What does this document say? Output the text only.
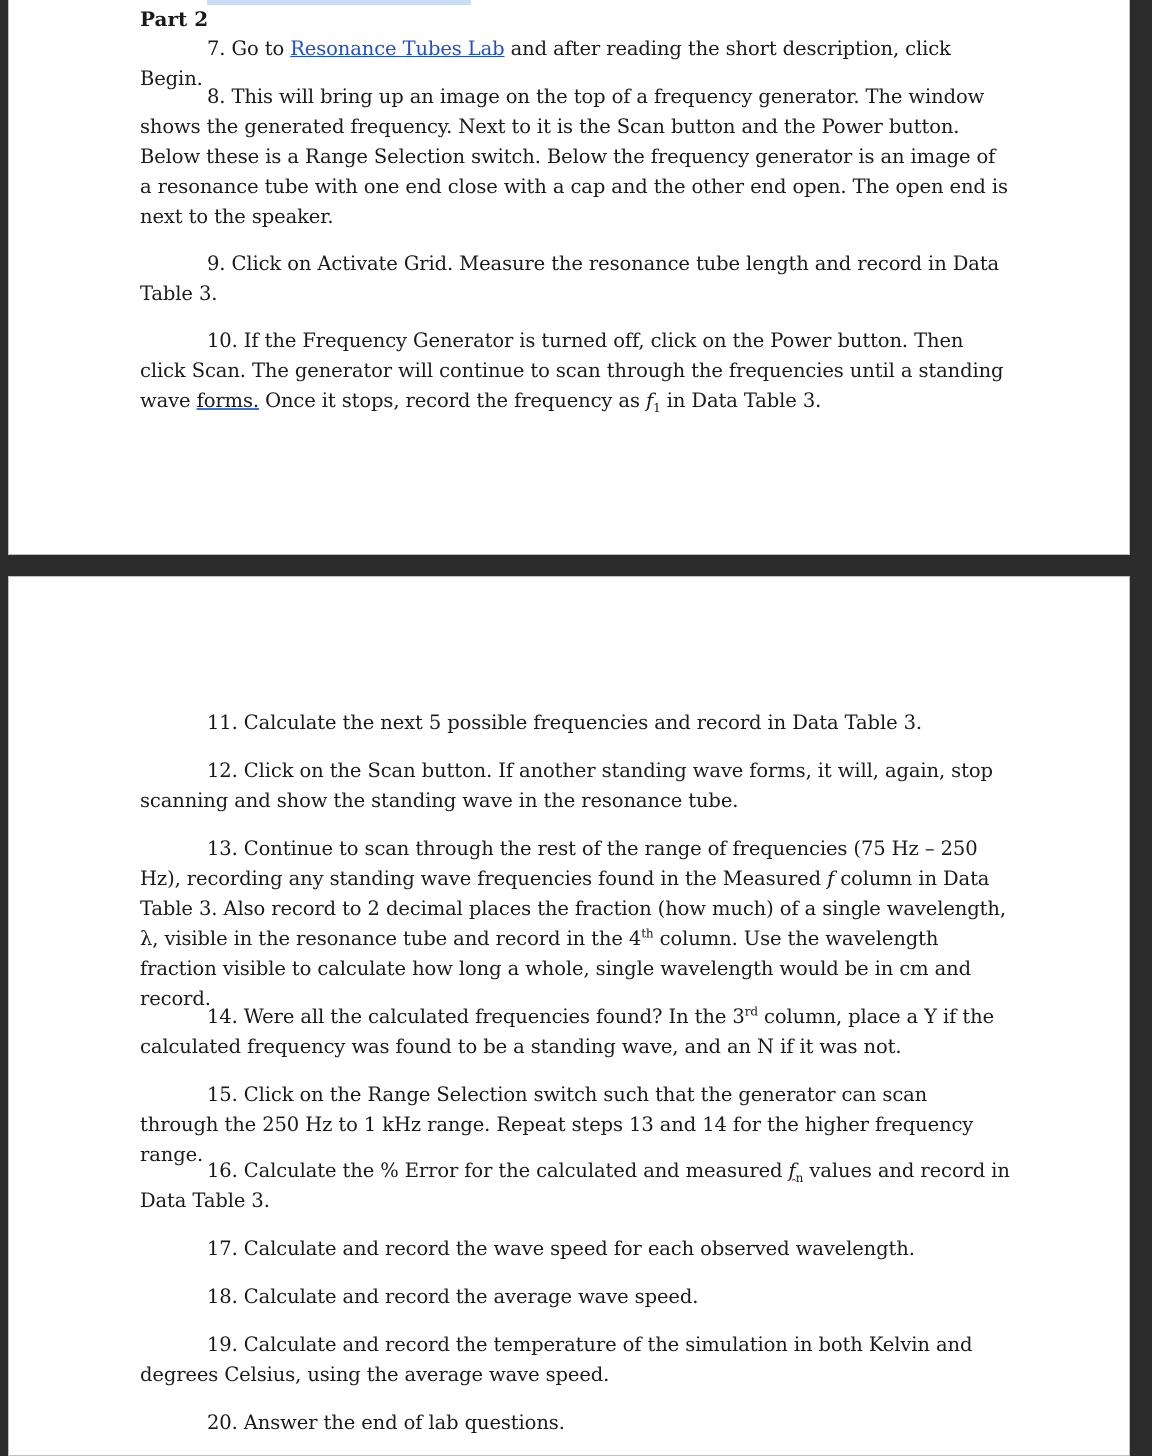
Part 2

7. Go to Resonance Tubes Lab and after reading the short description, click Begin.

8. This will bring up an image on the top of a frequency generator. The window shows the generated frequency. Next to it is the Scan button and the Power button. Below these is a Range Selection switch. Below the frequency generator is an image of a resonance tube with one end close with a cap and the other end open. The open end is next to the speaker.

9. Click on Activate Grid. Measure the resonance tube length and record in Data Table 3.

10. If the Frequency Generator is turned off, click on the Power button. Then click Scan. The generator will continue to scan through the frequencies until a standing wave forms. Once it stops, record the frequency as $f_1$ in Data Table 3.

11. Calculate the next 5 possible frequencies and record in Data Table 3.

12. Click on the Scan button. If another standing wave forms, it will, again, stop scanning and show the standing wave in the resonance tube.

13. Continue to scan through the rest of the range of frequencies (75 Hz – 250 Hz), recording any standing wave frequencies found in the Measured f column in Data Table 3. Also record to 2 decimal places the fraction (how much) of a single wavelength, λ, visible in the resonance tube and record in the 4th column. Use the wavelength fraction visible to calculate how long a whole, single wavelength would be in cm and record.

14. Were all the calculated frequencies found? In the 3rd column, place a Y if the calculated frequency was found to be a standing wave, and an N if it was not.

15. Click on the Range Selection switch such that the generator can scan through the 250 Hz to 1 kHz range. Repeat steps 13 and 14 for the higher frequency range.

16. Calculate the % Error for the calculated and measured $f_n$ values and record in Data Table 3.

17. Calculate and record the wave speed for each observed wavelength.

18. Calculate and record the average wave speed.

19. Calculate and record the temperature of the simulation in both Kelvin and degrees Celsius, using the average wave speed.

20. Answer the end of lab questions.
